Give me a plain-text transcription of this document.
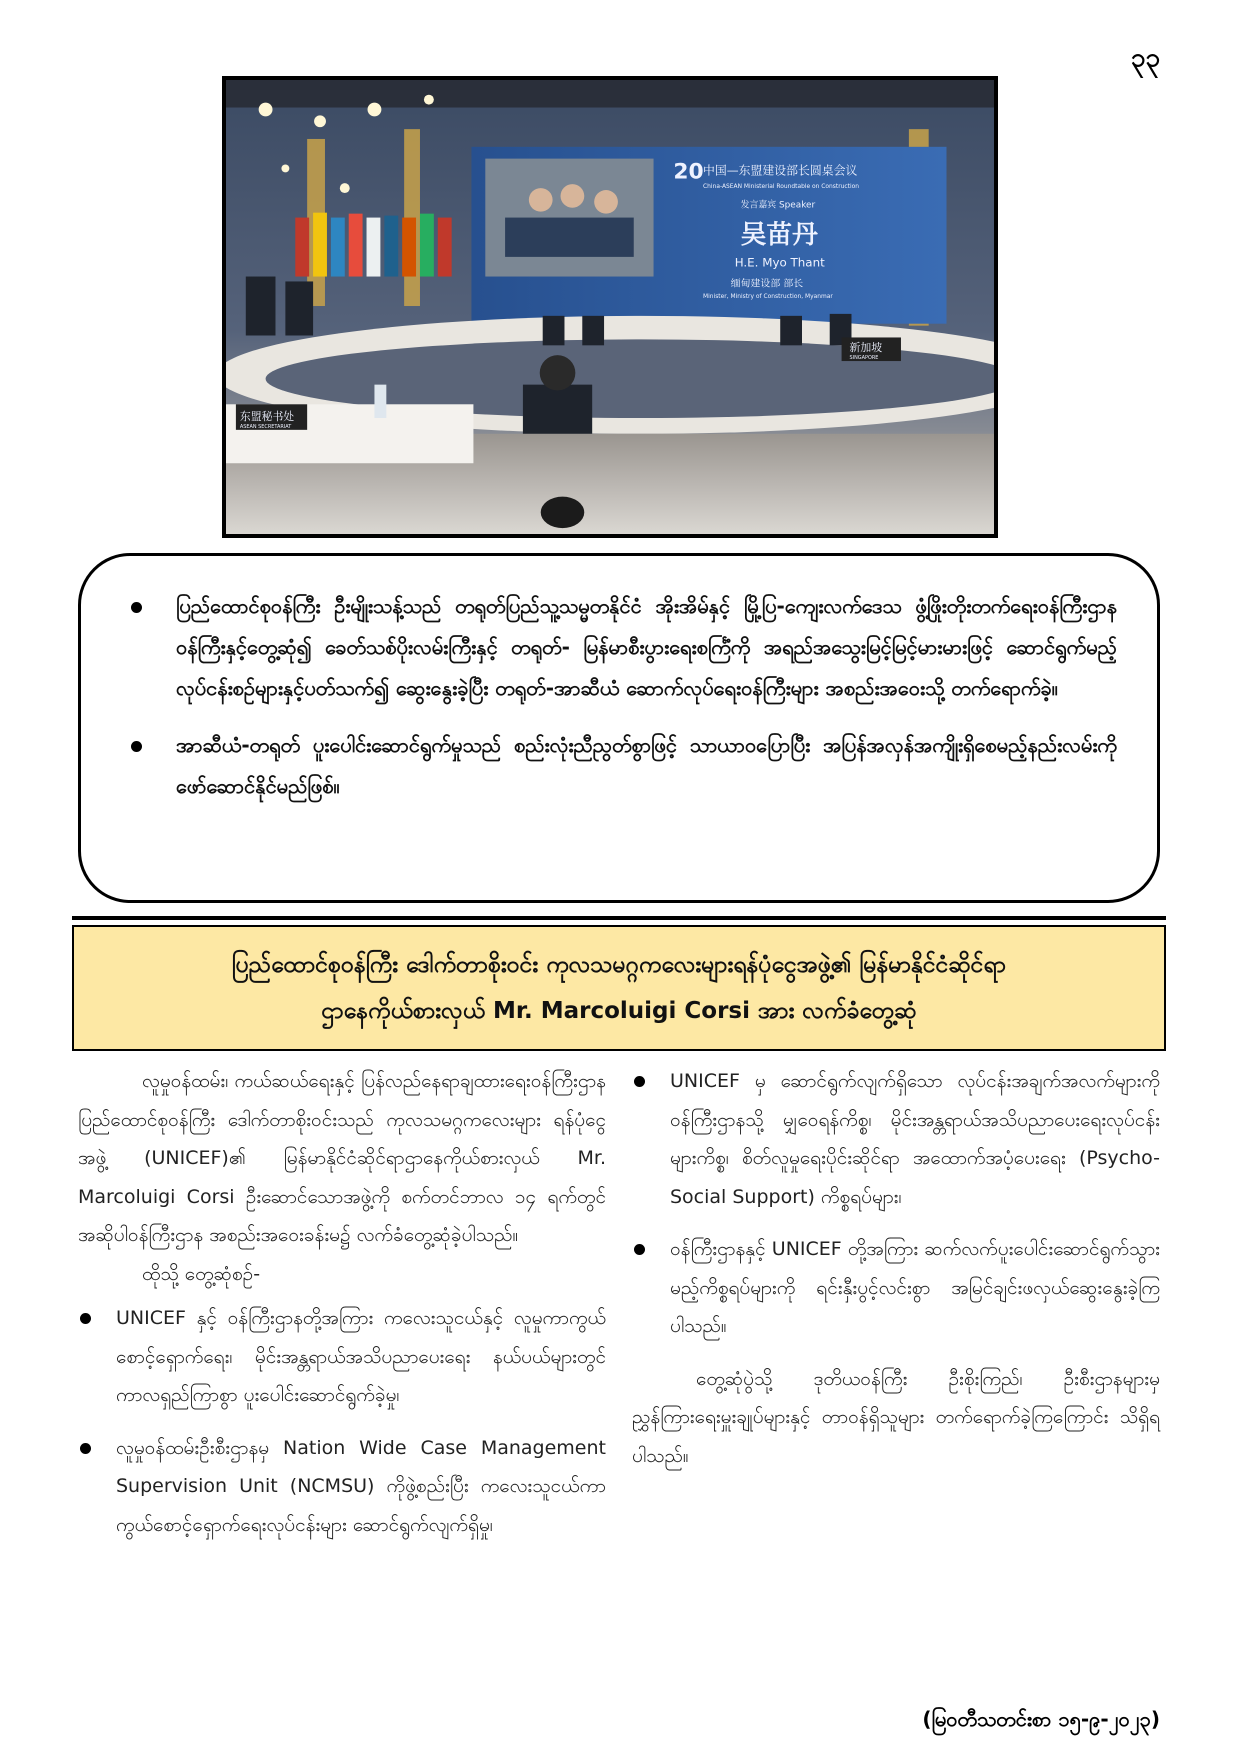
၃၃
20 中国—东盟建设部长圆桌会议
China-ASEAN Ministerial Roundtable on Construction
发言嘉宾 Speaker
吴苗丹
H.E. Myo Thant
缅甸建设部 部长
Minister, Ministry of Construction, Myanmar
东盟秘书处
ASEAN SECRETARIAT
新加坡
SINGAPORE
ပြည်ထောင်စုဝန်ကြီး ဦးမျိုးသန့်သည် တရုတ်ပြည်သူ့သမ္မတနိုင်ငံ အိုးအိမ်နှင့် မြို့ပြ-ကျေးလက်ဒေသ ဖွံ့ဖြိုးတိုးတက်ရေးဝန်ကြီးဌာနဝန်ကြီးနှင့်တွေ့ဆုံ၍ ခေတ်သစ်ပိုးလမ်းကြီးနှင့် တရုတ်- မြန်မာစီးပွားရေးစင်္ကြံကို အရည်အသွေးမြင့်မြင့်မားမားဖြင့် ဆောင်ရွက်မည့်လုပ်ငန်းစဉ်များနှင့်ပတ်သက်၍ ဆွေးနွေးခဲ့ပြီး တရုတ်-အာဆီယံ ဆောက်လုပ်ရေးဝန်ကြီးများ အစည်းအဝေးသို့ တက်ရောက်ခဲ့။
အာဆီယံ-တရုတ် ပူးပေါင်းဆောင်ရွက်မှုသည် စည်းလုံးညီညွတ်စွာဖြင့် သာယာဝပြောပြီး အပြန်အလှန်အကျိုးရှိစေမည့်နည်းလမ်းကို ဖော်ဆောင်နိုင်မည်ဖြစ်။
ပြည်ထောင်စုဝန်ကြီး ဒေါက်တာစိုးဝင်း ကုလသမဂ္ဂကလေးများရန်ပုံငွေအဖွဲ့၏ မြန်မာနိုင်ငံဆိုင်ရာ
ဌာနေကိုယ်စားလှယ် Mr. Marcoluigi Corsi အား လက်ခံတွေ့ဆုံ

လူမှုဝန်ထမ်း၊ ကယ်ဆယ်ရေးနှင့် ပြန်လည်နေရာချထားရေးဝန်ကြီးဌာန ပြည်ထောင်စုဝန်ကြီး ဒေါက်တာစိုးဝင်းသည် ကုလသမဂ္ဂကလေးများ ရန်ပုံငွေအဖွဲ့ (UNICEF)၏ မြန်မာနိုင်ငံဆိုင်ရာဌာနေကိုယ်စားလှယ် Mr. Marcoluigi Corsi ဦးဆောင်သောအဖွဲ့ကို စက်တင်ဘာလ ၁၄ ရက်တွင် အဆိုပါဝန်ကြီးဌာန အစည်းအဝေးခန်းမ၌ လက်ခံတွေ့ဆုံခဲ့ပါသည်။

ထိုသို့ တွေ့ဆုံစဉ်-

UNICEF နှင့် ဝန်ကြီးဌာနတို့အကြား ကလေးသူငယ်နှင့် လူမှုကာကွယ်စောင့်ရှောက်ရေး၊ မိုင်းအန္တရာယ်အသိပညာပေးရေး နယ်ပယ်များတွင် ကာလရှည်ကြာစွာ ပူးပေါင်းဆောင်ရွက်ခဲ့မှု၊
လူမှုဝန်ထမ်းဦးစီးဌာနမှ Nation Wide Case Management Supervision Unit (NCMSU) ကိုဖွဲ့စည်းပြီး ကလေးသူငယ်ကာကွယ်စောင့်ရှောက်ရေးလုပ်ငန်းများ ဆောင်ရွက်လျက်ရှိမှု၊
UNICEF မှ ဆောင်ရွက်လျက်ရှိသော လုပ်ငန်းအချက်အလက်များကို ဝန်ကြီးဌာနသို့ မျှဝေရန်ကိစ္စ၊ မိုင်းအန္တရာယ်အသိပညာပေးရေးလုပ်ငန်းများကိစ္စ၊ စိတ်လူမှုရေးပိုင်းဆိုင်ရာ အထောက်အပံ့ပေးရေး (Psycho-Social Support) ကိစ္စရပ်များ၊
ဝန်ကြီးဌာနနှင့် UNICEF တို့အကြား ဆက်လက်ပူးပေါင်းဆောင်ရွက်သွားမည့်ကိစ္စရပ်များကို ရင်းနှီးပွင့်လင်းစွာ အမြင်ချင်းဖလှယ်ဆွေးနွေးခဲ့ကြပါသည်။

တွေ့ဆုံပွဲသို့ ဒုတိယဝန်ကြီး ဦးစိုးကြည်၊ ဦးစီးဌာနများမှ ညွှန်ကြားရေးမှူးချုပ်များနှင့် တာဝန်ရှိသူများ တက်ရောက်ခဲ့ကြကြောင်း သိရှိရပါသည်။

(မြဝတီသတင်းစာ ၁၅-၉-၂၀၂၃)
